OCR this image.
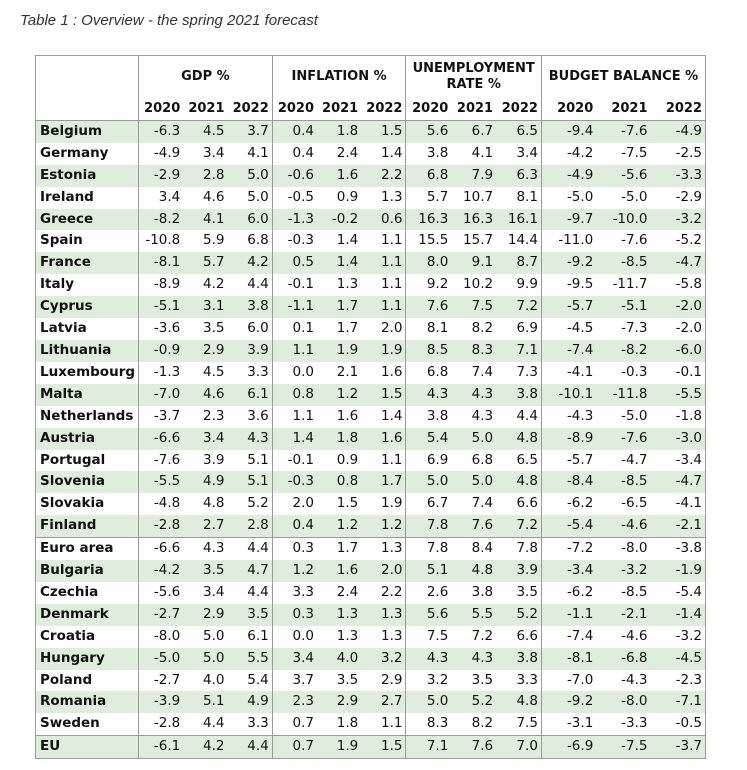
Table 1 : Overview - the spring 2021 forecast
	GDP %			INFLATION %			UNEMPLOYMENT
RATE %			BUDGET BALANCE %		
	2020	2021	2022	2020	2021	2022	2020	2021	2022	2020	2021	2022
Belgium	-6.3	4.5	3.7	0.4	1.8	1.5	5.6	6.7	6.5	-9.4	-7.6	-4.9
Germany	-4.9	3.4	4.1	0.4	2.4	1.4	3.8	4.1	3.4	-4.2	-7.5	-2.5
Estonia	-2.9	2.8	5.0	-0.6	1.6	2.2	6.8	7.9	6.3	-4.9	-5.6	-3.3
Ireland	3.4	4.6	5.0	-0.5	0.9	1.3	5.7	10.7	8.1	-5.0	-5.0	-2.9
Greece	-8.2	4.1	6.0	-1.3	-0.2	0.6	16.3	16.3	16.1	-9.7	-10.0	-3.2
Spain	-10.8	5.9	6.8	-0.3	1.4	1.1	15.5	15.7	14.4	-11.0	-7.6	-5.2
France	-8.1	5.7	4.2	0.5	1.4	1.1	8.0	9.1	8.7	-9.2	-8.5	-4.7
Italy	-8.9	4.2	4.4	-0.1	1.3	1.1	9.2	10.2	9.9	-9.5	-11.7	-5.8
Cyprus	-5.1	3.1	3.8	-1.1	1.7	1.1	7.6	7.5	7.2	-5.7	-5.1	-2.0
Latvia	-3.6	3.5	6.0	0.1	1.7	2.0	8.1	8.2	6.9	-4.5	-7.3	-2.0
Lithuania	-0.9	2.9	3.9	1.1	1.9	1.9	8.5	8.3	7.1	-7.4	-8.2	-6.0
Luxembourg	-1.3	4.5	3.3	0.0	2.1	1.6	6.8	7.4	7.3	-4.1	-0.3	-0.1
Malta	-7.0	4.6	6.1	0.8	1.2	1.5	4.3	4.3	3.8	-10.1	-11.8	-5.5
Netherlands	-3.7	2.3	3.6	1.1	1.6	1.4	3.8	4.3	4.4	-4.3	-5.0	-1.8
Austria	-6.6	3.4	4.3	1.4	1.8	1.6	5.4	5.0	4.8	-8.9	-7.6	-3.0
Portugal	-7.6	3.9	5.1	-0.1	0.9	1.1	6.9	6.8	6.5	-5.7	-4.7	-3.4
Slovenia	-5.5	4.9	5.1	-0.3	0.8	1.7	5.0	5.0	4.8	-8.4	-8.5	-4.7
Slovakia	-4.8	4.8	5.2	2.0	1.5	1.9	6.7	7.4	6.6	-6.2	-6.5	-4.1
Finland	-2.8	2.7	2.8	0.4	1.2	1.2	7.8	7.6	7.2	-5.4	-4.6	-2.1
Euro area	-6.6	4.3	4.4	0.3	1.7	1.3	7.8	8.4	7.8	-7.2	-8.0	-3.8
Bulgaria	-4.2	3.5	4.7	1.2	1.6	2.0	5.1	4.8	3.9	-3.4	-3.2	-1.9
Czechia	-5.6	3.4	4.4	3.3	2.4	2.2	2.6	3.8	3.5	-6.2	-8.5	-5.4
Denmark	-2.7	2.9	3.5	0.3	1.3	1.3	5.6	5.5	5.2	-1.1	-2.1	-1.4
Croatia	-8.0	5.0	6.1	0.0	1.3	1.3	7.5	7.2	6.6	-7.4	-4.6	-3.2
Hungary	-5.0	5.0	5.5	3.4	4.0	3.2	4.3	4.3	3.8	-8.1	-6.8	-4.5
Poland	-2.7	4.0	5.4	3.7	3.5	2.9	3.2	3.5	3.3	-7.0	-4.3	-2.3
Romania	-3.9	5.1	4.9	2.3	2.9	2.7	5.0	5.2	4.8	-9.2	-8.0	-7.1
Sweden	-2.8	4.4	3.3	0.7	1.8	1.1	8.3	8.2	7.5	-3.1	-3.3	-0.5
EU	-6.1	4.2	4.4	0.7	1.9	1.5	7.1	7.6	7.0	-6.9	-7.5	-3.7
